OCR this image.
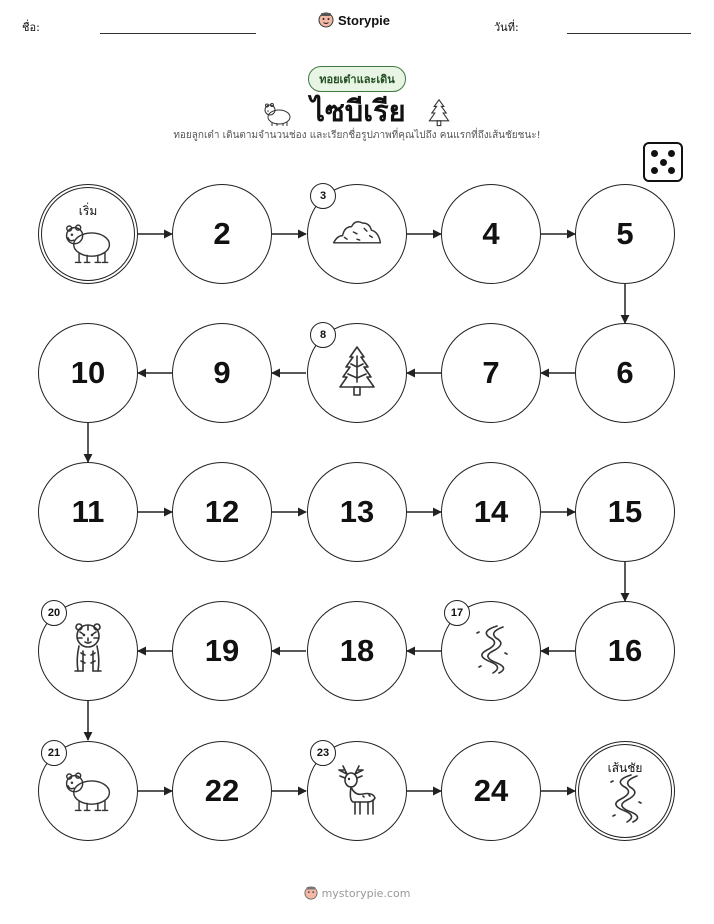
ชื่อ:	Storypie	วันที่:
ทอยเต๋าและเดิน
ไซบีเรีย
ทอยลูกเต๋า เดินตามจำนวนช่อง และเรียกชื่อรูปภาพที่คุณไปถึง คนแรกที่ถึงเส้นชัยชนะ!
เริ่ม
2
3
4	5
6
7
8
9
10
11	12	13	14	15
16
17
18
19
20
21
22
23
24
เส้นชัย
mystorypie.com
